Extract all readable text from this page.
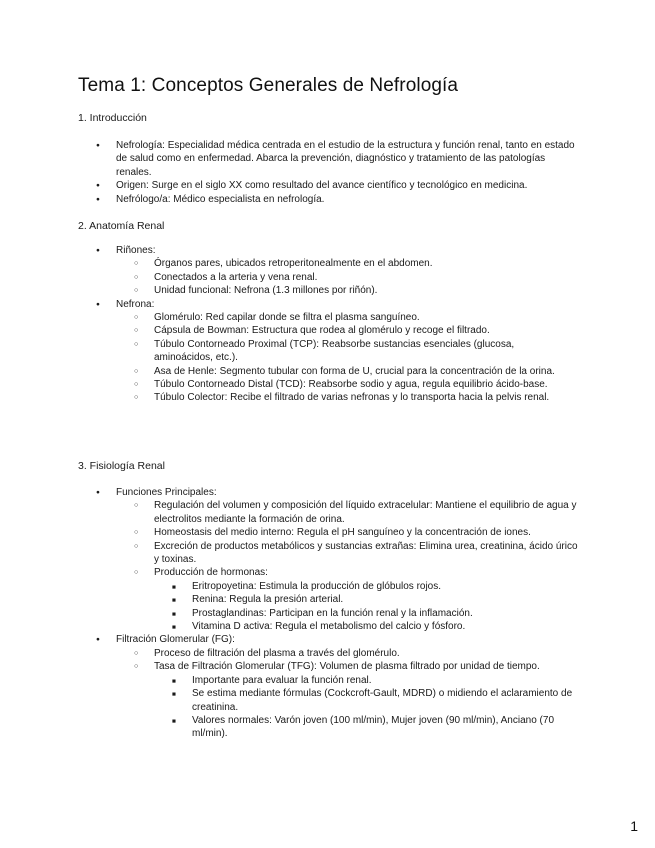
Tema 1: Conceptos Generales de Nefrología
1. Introducción
● Nefrología: Especialidad médica centrada en el estudio de la estructura y función renal, tanto en estado de salud como en enfermedad. Abarca la prevención, diagnóstico y tratamiento de las patologías renales.
● Origen: Surge en el siglo XX como resultado del avance científico y tecnológico en medicina.
● Nefrólogo/a: Médico especialista en nefrología.
2. Anatomía Renal
● Riñones:
○ Órganos pares, ubicados retroperitonealmente en el abdomen.
○ Conectados a la arteria y vena renal.
○ Unidad funcional: Nefrona (1.3 millones por riñón).
● Nefrona:
○ Glomérulo: Red capilar donde se filtra el plasma sanguíneo.
○ Cápsula de Bowman: Estructura que rodea al glomérulo y recoge el filtrado.
○ Túbulo Contorneado Proximal (TCP): Reabsorbe sustancias esenciales (glucosa, aminoácidos, etc.).
○ Asa de Henle: Segmento tubular con forma de U, crucial para la concentración de la orina.
○ Túbulo Contorneado Distal (TCD): Reabsorbe sodio y agua, regula equilibrio ácido-base.
○ Túbulo Colector: Recibe el filtrado de varias nefronas y lo transporta hacia la pelvis renal.
3. Fisiología Renal
● Funciones Principales:
○ Regulación del volumen y composición del líquido extracelular: Mantiene el equilibrio de agua y electrolitos mediante la formación de orina.
○ Homeostasis del medio interno: Regula el pH sanguíneo y la concentración de iones.
○ Excreción de productos metabólicos y sustancias extrañas: Elimina urea, creatinina, ácido úrico y toxinas.
○ Producción de hormonas:
■ Eritropoyetina: Estimula la producción de glóbulos rojos.
■ Renina: Regula la presión arterial.
■ Prostaglandinas: Participan en la función renal y la inflamación.
■ Vitamina D activa: Regula el metabolismo del calcio y fósforo.
● Filtración Glomerular (FG):
○ Proceso de filtración del plasma a través del glomérulo.
○ Tasa de Filtración Glomerular (TFG): Volumen de plasma filtrado por unidad de tiempo.
■ Importante para evaluar la función renal.
■ Se estima mediante fórmulas (Cockcroft-Gault, MDRD) o midiendo el aclaramiento de creatinina.
■ Valores normales: Varón joven (100 ml/min), Mujer joven (90 ml/min), Anciano (70 ml/min).
1
